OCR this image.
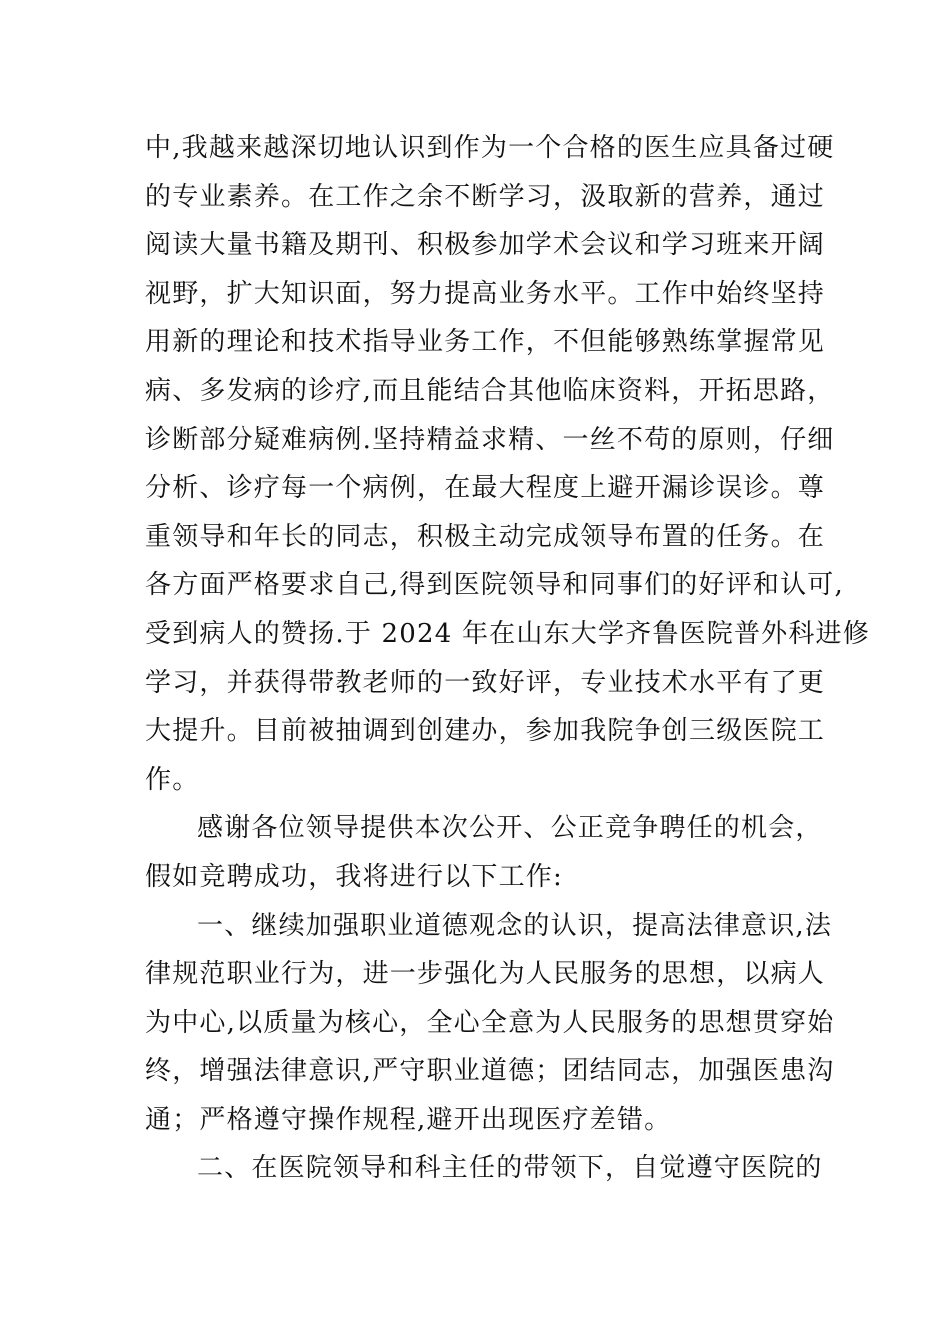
中,我越来越深切地认识到作为一个合格的医生应具备过硬
的专业素养。在工作之余不断学习，汲取新的营养，通过
阅读大量书籍及期刊、积极参加学术会议和学习班来开阔
视野，扩大知识面，努力提高业务水平。工作中始终坚持
用新的理论和技术指导业务工作，不但能够熟练掌握常见
病、多发病的诊疗,而且能结合其他临床资料，开拓思路，
诊断部分疑难病例.坚持精益求精、一丝不苟的原则，仔细
分析、诊疗每一个病例，在最大程度上避开漏诊误诊。尊
重领导和年长的同志，积极主动完成领导布置的任务。在
各方面严格要求自己,得到医院领导和同事们的好评和认可,
受到病人的赞扬.于 2024 年在山东大学齐鲁医院普外科进修
学习，并获得带教老师的一致好评，专业技术水平有了更
大提升。目前被抽调到创建办，参加我院争创三级医院工
作。
感谢各位领导提供本次公开、公正竞争聘任的机会，
假如竞聘成功，我将进行以下工作:
一、继续加强职业道德观念的认识，提高法律意识,法
律规范职业行为，进一步强化为人民服务的思想，以病人
为中心,以质量为核心，全心全意为人民服务的思想贯穿始
终，增强法律意识,严守职业道德；团结同志，加强医患沟
通；严格遵守操作规程,避开出现医疗差错。
二、在医院领导和科主任的带领下，自觉遵守医院的
